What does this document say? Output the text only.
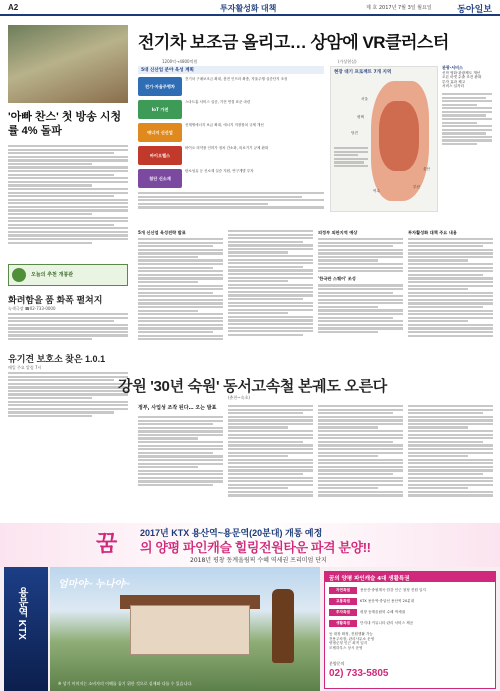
A2	투자활성화 대책	제 호 2017년 7월 3일 월요일	동아일보
전기차 보조금 올리고… 상암에 VR클러스터
1200억→4800억원	(가상현실)
'아빠 찬스' 첫 방송 시청률 4% 돌파
오늘의 추천 개봉관
화려함을 품 화폭 펼쳐지
녹색극장 ☎02-733-0000
유기견 보호소 찾은 1.0.1
매일 주요 알림 7시
5대 신산업 분야 육성 계획
전기·자율주행차
전기차 구매보조금 확대, 충전 인프라 확충, 자율주행 실증단지 조성
IoT 가전
스마트홈 서비스 실증, 가전 연결 표준 마련
에너지 신산업
신재생에너지 보급 확대, 에너지 저장장치 규제 개선
바이오헬스
바이오 의약품 인허가 절차 간소화, 의료기기 규제 완화
첨단 신소재
탄소섬유 등 신소재 실증 지원, 연구개발 투자
현장 대기 프로젝트 7개 지역
서울
평택
당진
여수
울산
부산
관광·서비스
신작 영화·관광제도 개선
오픈 마켓 수출 조건 완화
투자 효과 제고
서비스 일자리
5개 신산업 육성전략 발표	의정부 외판지역 예상
'한국판 스퀘어' 조성
투자활성화 대책 주요 내용
강원 '30년 숙원' 동서고속철 본궤도 오른다
(춘천~속초)
정부, 사업성 조작 된다… 오는 발표
꿈	2017년 KTX 용산역~용문역(20분대) 개통 예정
의 양평 파인캐슬 힐링전원타운 파격 분양!!
2018년 평창 동계올림픽 수혜 역세권 프리미엄 단지
용문역 KTX
엄마야~ 누나야~
※ 상기 이미지는 소비자의 이해를 돕기 위한 것으로 실제와 다를 수 있습니다.
꿈의 양평 파인캐슬 4대 생활특권
자연특권	용문산·중원계곡·한강 인근 청정 전원 입지
교통특권	KTX 용문역·중앙선 용산역 20분대
투자특권	평창 동계올림픽 수혜 역세권
생활특권	단지내 커뮤니티·관리 서비스 제공
동 대장 확정, 전원생활 가능
전용주차장, 관리사무소 운영
양평군청 인근 최적 입지
모델하우스 상시 운영
분양문의
02) 733-5805
